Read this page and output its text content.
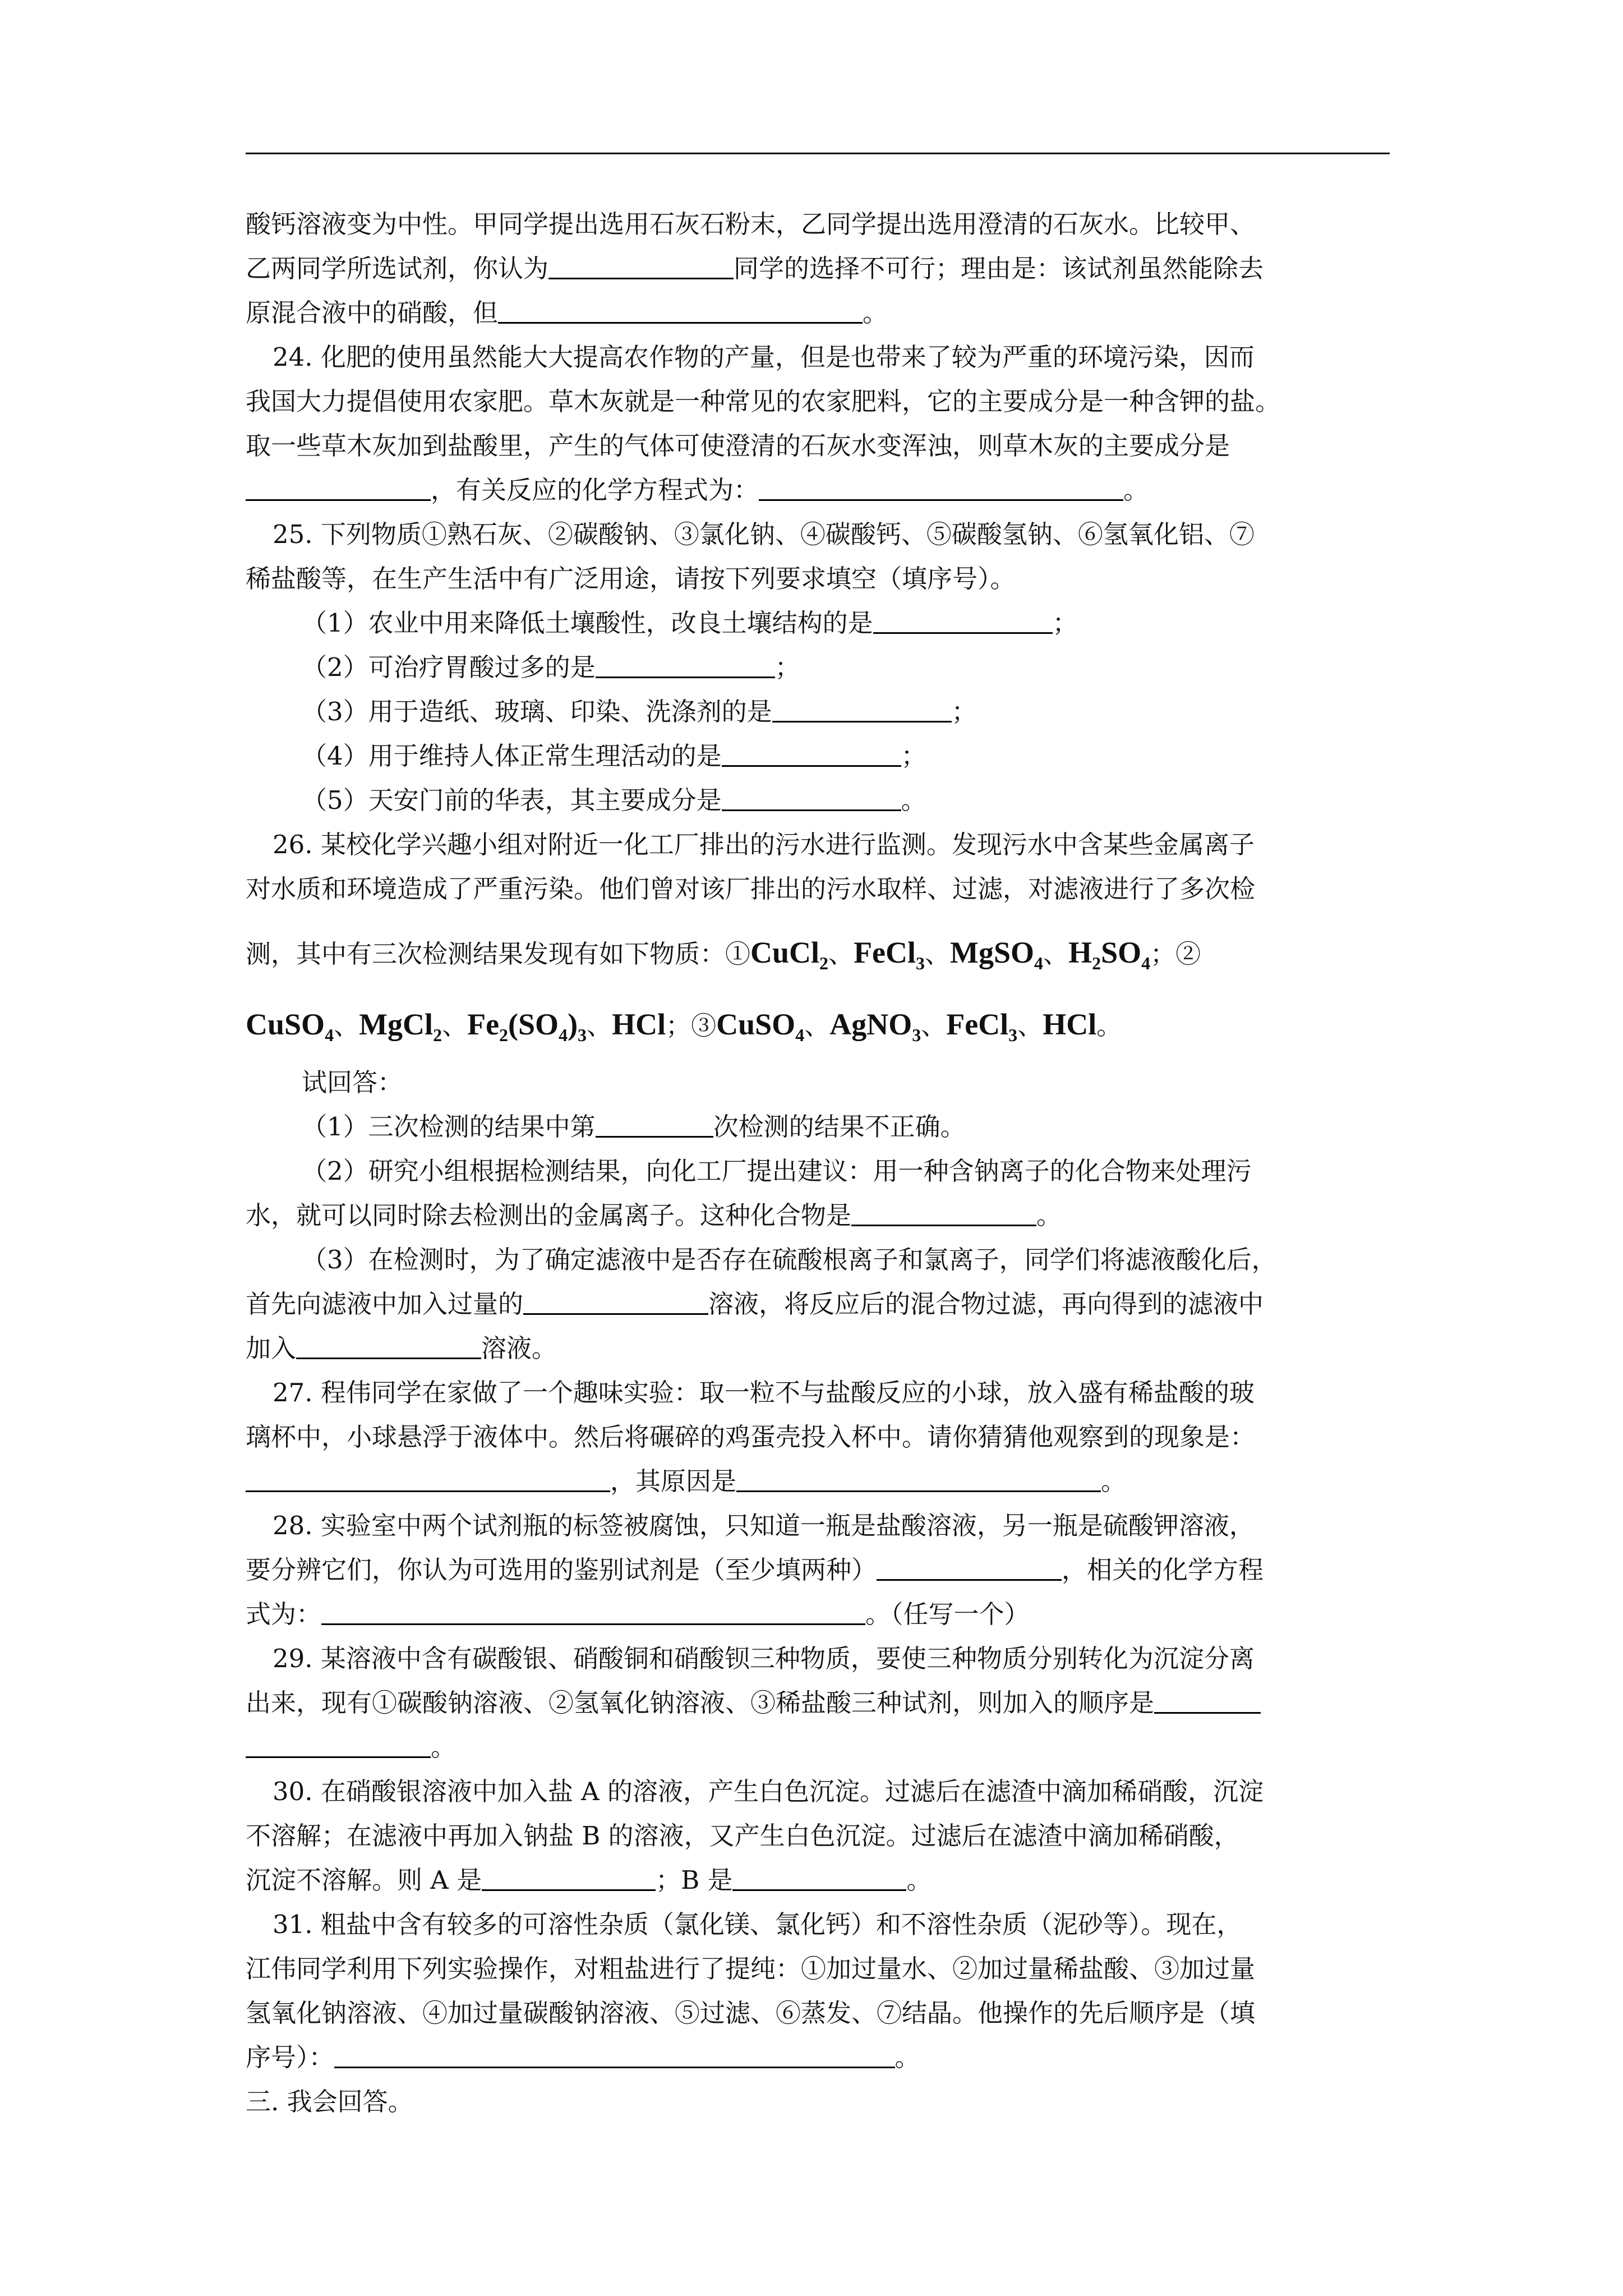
酸钙溶液变为中性。甲同学提出选用石灰石粉末，乙同学提出选用澄清的石灰水。比较甲、
乙两同学所选试剂，你认为	同学的选择不可行；理由是：该试剂虽然能除去
原混合液中的硝酸，但	。
24. 化肥的使用虽然能大大提高农作物的产量，但是也带来了较为严重的环境污染，因而
我国大力提倡使用农家肥。草木灰就是一种常见的农家肥料，它的主要成分是一种含钾的盐。
取一些草木灰加到盐酸里，产生的气体可使澄清的石灰水变浑浊，则草木灰的主要成分是
，有关反应的化学方程式为：	。
25. 下列物质①熟石灰、②碳酸钠、③氯化钠、④碳酸钙、⑤碳酸氢钠、⑥氢氧化铝、⑦
稀盐酸等，在生产生活中有广泛用途，请按下列要求填空（填序号）。
（1）农业中用来降低土壤酸性，改良土壤结构的是	；
（2）可治疗胃酸过多的是	；
（3）用于造纸、玻璃、印染、洗涤剂的是	；
（4）用于维持人体正常生理活动的是	；
（5）天安门前的华表，其主要成分是	。
26. 某校化学兴趣小组对附近一化工厂排出的污水进行监测。发现污水中含某些金属离子
对水质和环境造成了严重污染。他们曾对该厂排出的污水取样、过滤，对滤液进行了多次检
测，其中有三次检测结果发现有如下物质：①CuCl$_2$、FeCl$_3$、MgSO$_4$、$H_2SO_4$；②
CuSO$_4$、MgCl$_2$、$Fe_2(SO_4)_3$、HCl；③CuSO$_4$、AgNO$_3$、FeCl$_3$、HCl。
试回答：
（1）三次检测的结果中第	次检测的结果不正确。
（2）研究小组根据检测结果，向化工厂提出建议：用一种含钠离子的化合物来处理污
水，就可以同时除去检测出的金属离子。这种化合物是	。
（3）在检测时，为了确定滤液中是否存在硫酸根离子和氯离子，同学们将滤液酸化后，
首先向滤液中加入过量的	溶液，将反应后的混合物过滤，再向得到的滤液中
加入	溶液。
27. 程伟同学在家做了一个趣味实验：取一粒不与盐酸反应的小球，放入盛有稀盐酸的玻
璃杯中，小球悬浮于液体中。然后将碾碎的鸡蛋壳投入杯中。请你猜猜他观察到的现象是：
，其原因是	。
28. 实验室中两个试剂瓶的标签被腐蚀，只知道一瓶是盐酸溶液，另一瓶是硫酸钾溶液，
要分辨它们，你认为可选用的鉴别试剂是（至少填两种）	，相关的化学方程
式为：	。（任写一个）
29. 某溶液中含有碳酸银、硝酸铜和硝酸钡三种物质，要使三种物质分别转化为沉淀分离
出来，现有①碳酸钠溶液、②氢氧化钠溶液、③稀盐酸三种试剂，则加入的顺序是
。
30. 在硝酸银溶液中加入盐 A 的溶液，产生白色沉淀。过滤后在滤渣中滴加稀硝酸，沉淀
不溶解；在滤液中再加入钠盐 B 的溶液，又产生白色沉淀。过滤后在滤渣中滴加稀硝酸，
沉淀不溶解。则 A 是	；B 是	。
31. 粗盐中含有较多的可溶性杂质（氯化镁、氯化钙）和不溶性杂质（泥砂等）。现在，
江伟同学利用下列实验操作，对粗盐进行了提纯：①加过量水、②加过量稀盐酸、③加过量
氢氧化钠溶液、④加过量碳酸钠溶液、⑤过滤、⑥蒸发、⑦结晶。他操作的先后顺序是（填
序号）：	。
三. 我会回答。
